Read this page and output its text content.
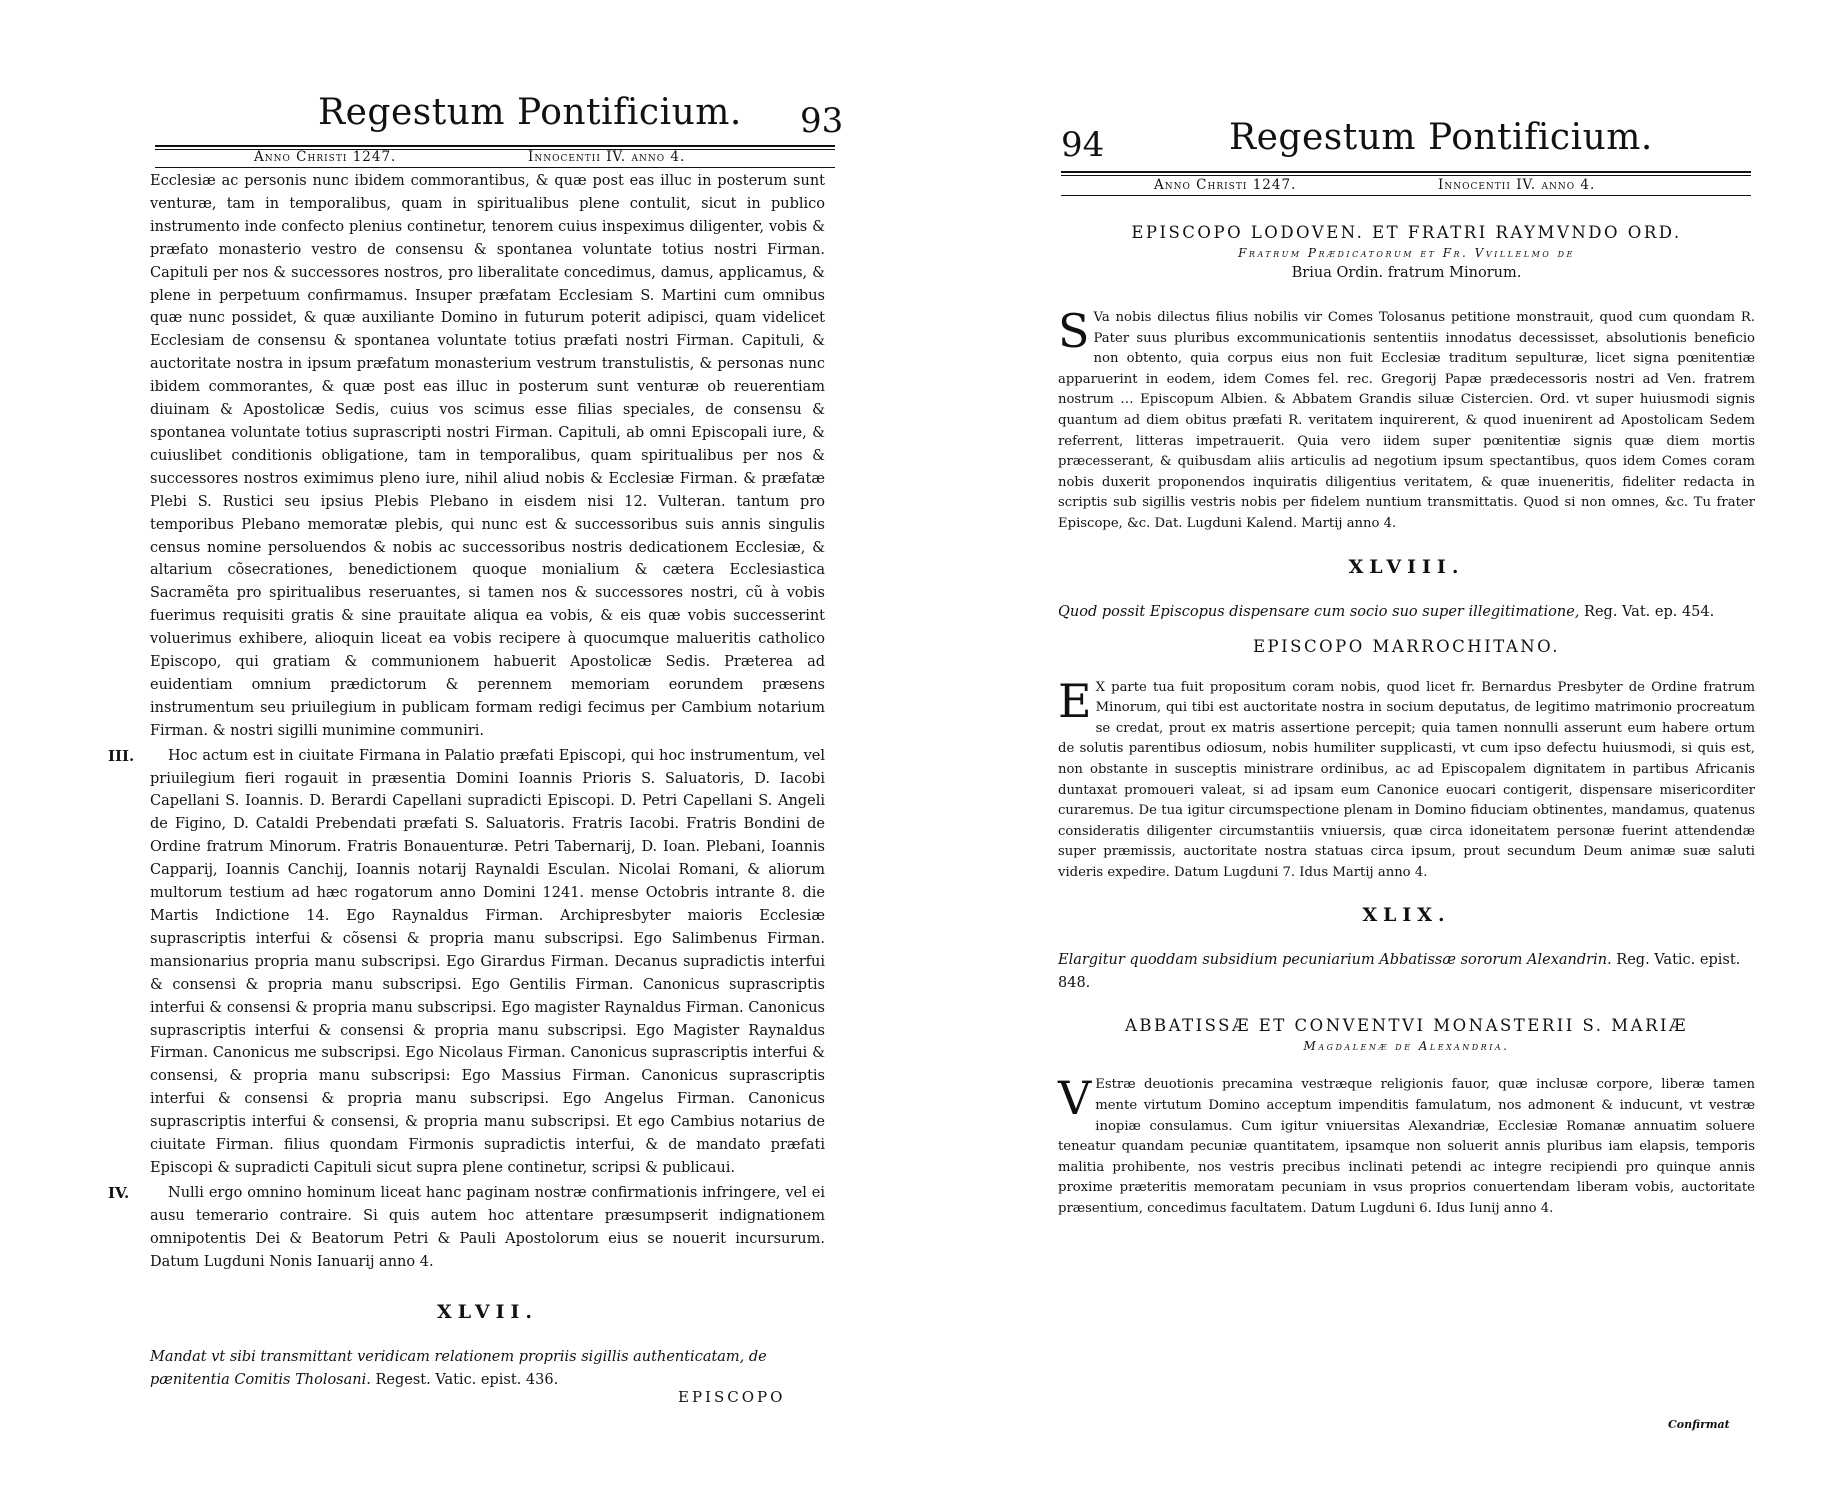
Regestum Pontificium. 93
Anno Christi 1247.	Innocentii IV. anno 4.

Ecclesiæ ac personis nunc ibidem commorantibus, & quæ post eas illuc in posterum sunt venturæ, tam in temporalibus, quam in spiritualibus plene contulit, sicut in publico instrumento inde confecto plenius continetur, tenorem cuius inspeximus diligenter, vobis & præfato monasterio vestro de consensu & spontanea voluntate totius nostri Firman. Capituli per nos & successores nostros, pro liberalitate concedimus, damus, applicamus, & plene in perpetuum confirmamus. Insuper præfatam Ecclesiam S. Martini cum omnibus quæ nunc possidet, & quæ auxiliante Domino in futurum poterit adipisci, quam videlicet Ecclesiam de consensu & spontanea voluntate totius præfati nostri Firman. Capituli, & auctoritate nostra in ipsum præfatum monasterium vestrum transtulistis, & personas nunc ibidem commorantes, & quæ post eas illuc in posterum sunt venturæ ob reuerentiam diuinam & Apostolicæ Sedis, cuius vos scimus esse filias speciales, de consensu & spontanea voluntate totius suprascripti nostri Firman. Capituli, ab omni Episcopali iure, & cuiuslibet conditionis obligatione, tam in temporalibus, quam spiritualibus per nos & successores nostros eximimus pleno iure, nihil aliud nobis & Ecclesiæ Firman. & præfatæ Plebi S. Rustici seu ipsius Plebis Plebano in eisdem nisi 12. Vulteran. tantum pro temporibus Plebano memoratæ plebis, qui nunc est & successoribus suis annis singulis census nomine persoluendos & nobis ac successoribus nostris dedicationem Ecclesiæ, & altarium cõsecrationes, benedictionem quoque monialium & cætera Ecclesiastica Sacramẽta pro spiritualibus reseruantes, si tamen nos & successores nostri, cũ à vobis fuerimus requisiti gratis & sine prauitate aliqua ea vobis, & eis quæ vobis successerint voluerimus exhibere, alioquin liceat ea vobis recipere à quocumque malueritis catholico Episcopo, qui gratiam & communionem habuerit Apostolicæ Sedis. Præterea ad euidentiam omnium prædictorum & perennem memoriam eorundem præsens instrumentum seu priuilegium in publicam formam redigi fecimus per Cambium notarium Firman. & nostri sigilli munimine communiri.

III.	Hoc actum est in ciuitate Firmana in Palatio præfati Episcopi, qui hoc instrumentum, vel priuilegium fieri rogauit in præsentia Domini Ioannis Prioris S. Saluatoris, D. Iacobi Capellani S. Ioannis. D. Berardi Capellani supradicti Episcopi. D. Petri Capellani S. Angeli de Figino, D. Cataldi Prebendati præfati S. Saluatoris. Fratris Iacobi. Fratris Bondini de Ordine fratrum Minorum. Fratris Bonauenturæ. Petri Tabernarij, D. Ioan. Plebani, Ioannis Capparij, Ioannis Canchij, Ioannis notarij Raynaldi Esculan. Nicolai Romani, & aliorum multorum testium ad hæc rogatorum anno Domini 1241. mense Octobris intrante 8. die Martis Indictione 14. Ego Raynaldus Firman. Archipresbyter maioris Ecclesiæ suprascriptis interfui & cõsensi & propria manu subscripsi. Ego Salimbenus Firman. mansionarius propria manu subscripsi. Ego Girardus Firman. Decanus supradictis interfui & consensi & propria manu subscripsi. Ego Gentilis Firman. Canonicus suprascriptis interfui & consensi & propria manu subscripsi. Ego magister Raynaldus Firman. Canonicus suprascriptis interfui & consensi & propria manu subscripsi. Ego Magister Raynaldus Firman. Canonicus me subscripsi. Ego Nicolaus Firman. Canonicus suprascriptis interfui & consensi, & propria manu subscripsi: Ego Massius Firman. Canonicus suprascriptis interfui & consensi & propria manu subscripsi. Ego Angelus Firman. Canonicus suprascriptis interfui & consensi, & propria manu subscripsi. Et ego Cambius notarius de ciuitate Firman. filius quondam Firmonis supradictis interfui, & de mandato præfati Episcopi & supradicti Capituli sicut supra plene continetur, scripsi & publicaui.

IV.	Nulli ergo omnino hominum liceat hanc paginam nostræ confirmationis infringere, vel ei ausu temerario contraire. Si quis autem hoc attentare præsumpserit indignationem omnipotentis Dei & Beatorum Petri & Pauli Apostolorum eius se nouerit incursurum. Datum Lugduni Nonis Ianuarij anno 4.

XLVII.

Mandat vt sibi transmittant veridicam relationem propriis sigillis authenticatam, de pænitentia Comitis Tholosani. Regest. Vatic. epist. 436.

EPISCOPO
94	Regestum Pontificium.
Anno Christi 1247.	Innocentii IV. anno 4.
EPISCOPO LODOVEN. ET FRATRI RAYMVNDO ORD.
Fratrum Prædicatorum et Fr. Vvillelmo de
Briua Ordin. fratrum Minorum.
S Va nobis dilectus filius nobilis vir Comes Tolosanus petitione monstrauit, quod cum quondam R. Pater suus pluribus excommunicationis sententiis innodatus decessisset, absolutionis beneficio non obtento, quia corpus eius non fuit Ecclesiæ traditum sepulturæ, licet signa pœnitentiæ apparuerint in eodem, idem Comes fel. rec. Gregorij Papæ prædecessoris nostri ad Ven. fratrem nostrum … Episcopum Albien. & Abbatem Grandis siluæ Cistercien. Ord. vt super huiusmodi signis quantum ad diem obitus præfati R. veritatem inquirerent, & quod inuenirent ad Apostolicam Sedem referrent, litteras impetrauerit. Quia vero iidem super pœnitentiæ signis quæ diem mortis præcesserant, & quibusdam aliis articulis ad negotium ipsum spectantibus, quos idem Comes coram nobis duxerit proponendos inquiratis diligentius veritatem, & quæ inueneritis, fideliter redacta in scriptis sub sigillis vestris nobis per fidelem nuntium transmittatis. Quod si non omnes, &c. Tu frater Episcope, &c. Dat. Lugduni Kalend. Martij anno 4.

XLVIII.

Quod possit Episcopus dispensare cum socio suo super illegitimatione, Reg. Vat. ep. 454.

EPISCOPO MARROCHITANO.
E X parte tua fuit propositum coram nobis, quod licet fr. Bernardus Presbyter de Ordine fratrum Minorum, qui tibi est auctoritate nostra in socium deputatus, de legitimo matrimonio procreatum se credat, prout ex matris assertione percepit; quia tamen nonnulli asserunt eum habere ortum de solutis parentibus odiosum, nobis humiliter supplicasti, vt cum ipso defectu huiusmodi, si quis est, non obstante in susceptis ministrare ordinibus, ac ad Episcopalem dignitatem in partibus Africanis duntaxat promoueri valeat, si ad ipsam eum Canonice euocari contigerit, dispensare misericorditer curaremus. De tua igitur circumspectione plenam in Domino fiduciam obtinentes, mandamus, quatenus consideratis diligenter circumstantiis vniuersis, quæ circa idoneitatem personæ fuerint attendendæ super præmissis, auctoritate nostra statuas circa ipsum, prout secundum Deum animæ suæ saluti videris expedire. Datum Lugduni 7. Idus Martij anno 4.

XLIX.

Elargitur quoddam subsidium pecuniarium Abbatissæ sororum Alexandrin. Reg. Vatic. epist. 848.

ABBATISSÆ ET CONVENTVI MONASTERII S. MARIÆ
Magdalenæ de Alexandria.
V Estræ deuotionis precamina vestræque religionis fauor, quæ inclusæ corpore, liberæ tamen mente virtutum Domino acceptum impenditis famulatum, nos admonent & inducunt, vt vestræ inopiæ consulamus. Cum igitur vniuersitas Alexandriæ, Ecclesiæ Romanæ annuatim soluere teneatur quandam pecuniæ quantitatem, ipsamque non soluerit annis pluribus iam elapsis, temporis malitia prohibente, nos vestris precibus inclinati petendi ac integre recipiendi pro quinque annis proxime præteritis memoratam pecuniam in vsus proprios conuertendam liberam vobis, auctoritate præsentium, concedimus facultatem. Datum Lugduni 6. Idus Iunij anno 4.

Confirmat
